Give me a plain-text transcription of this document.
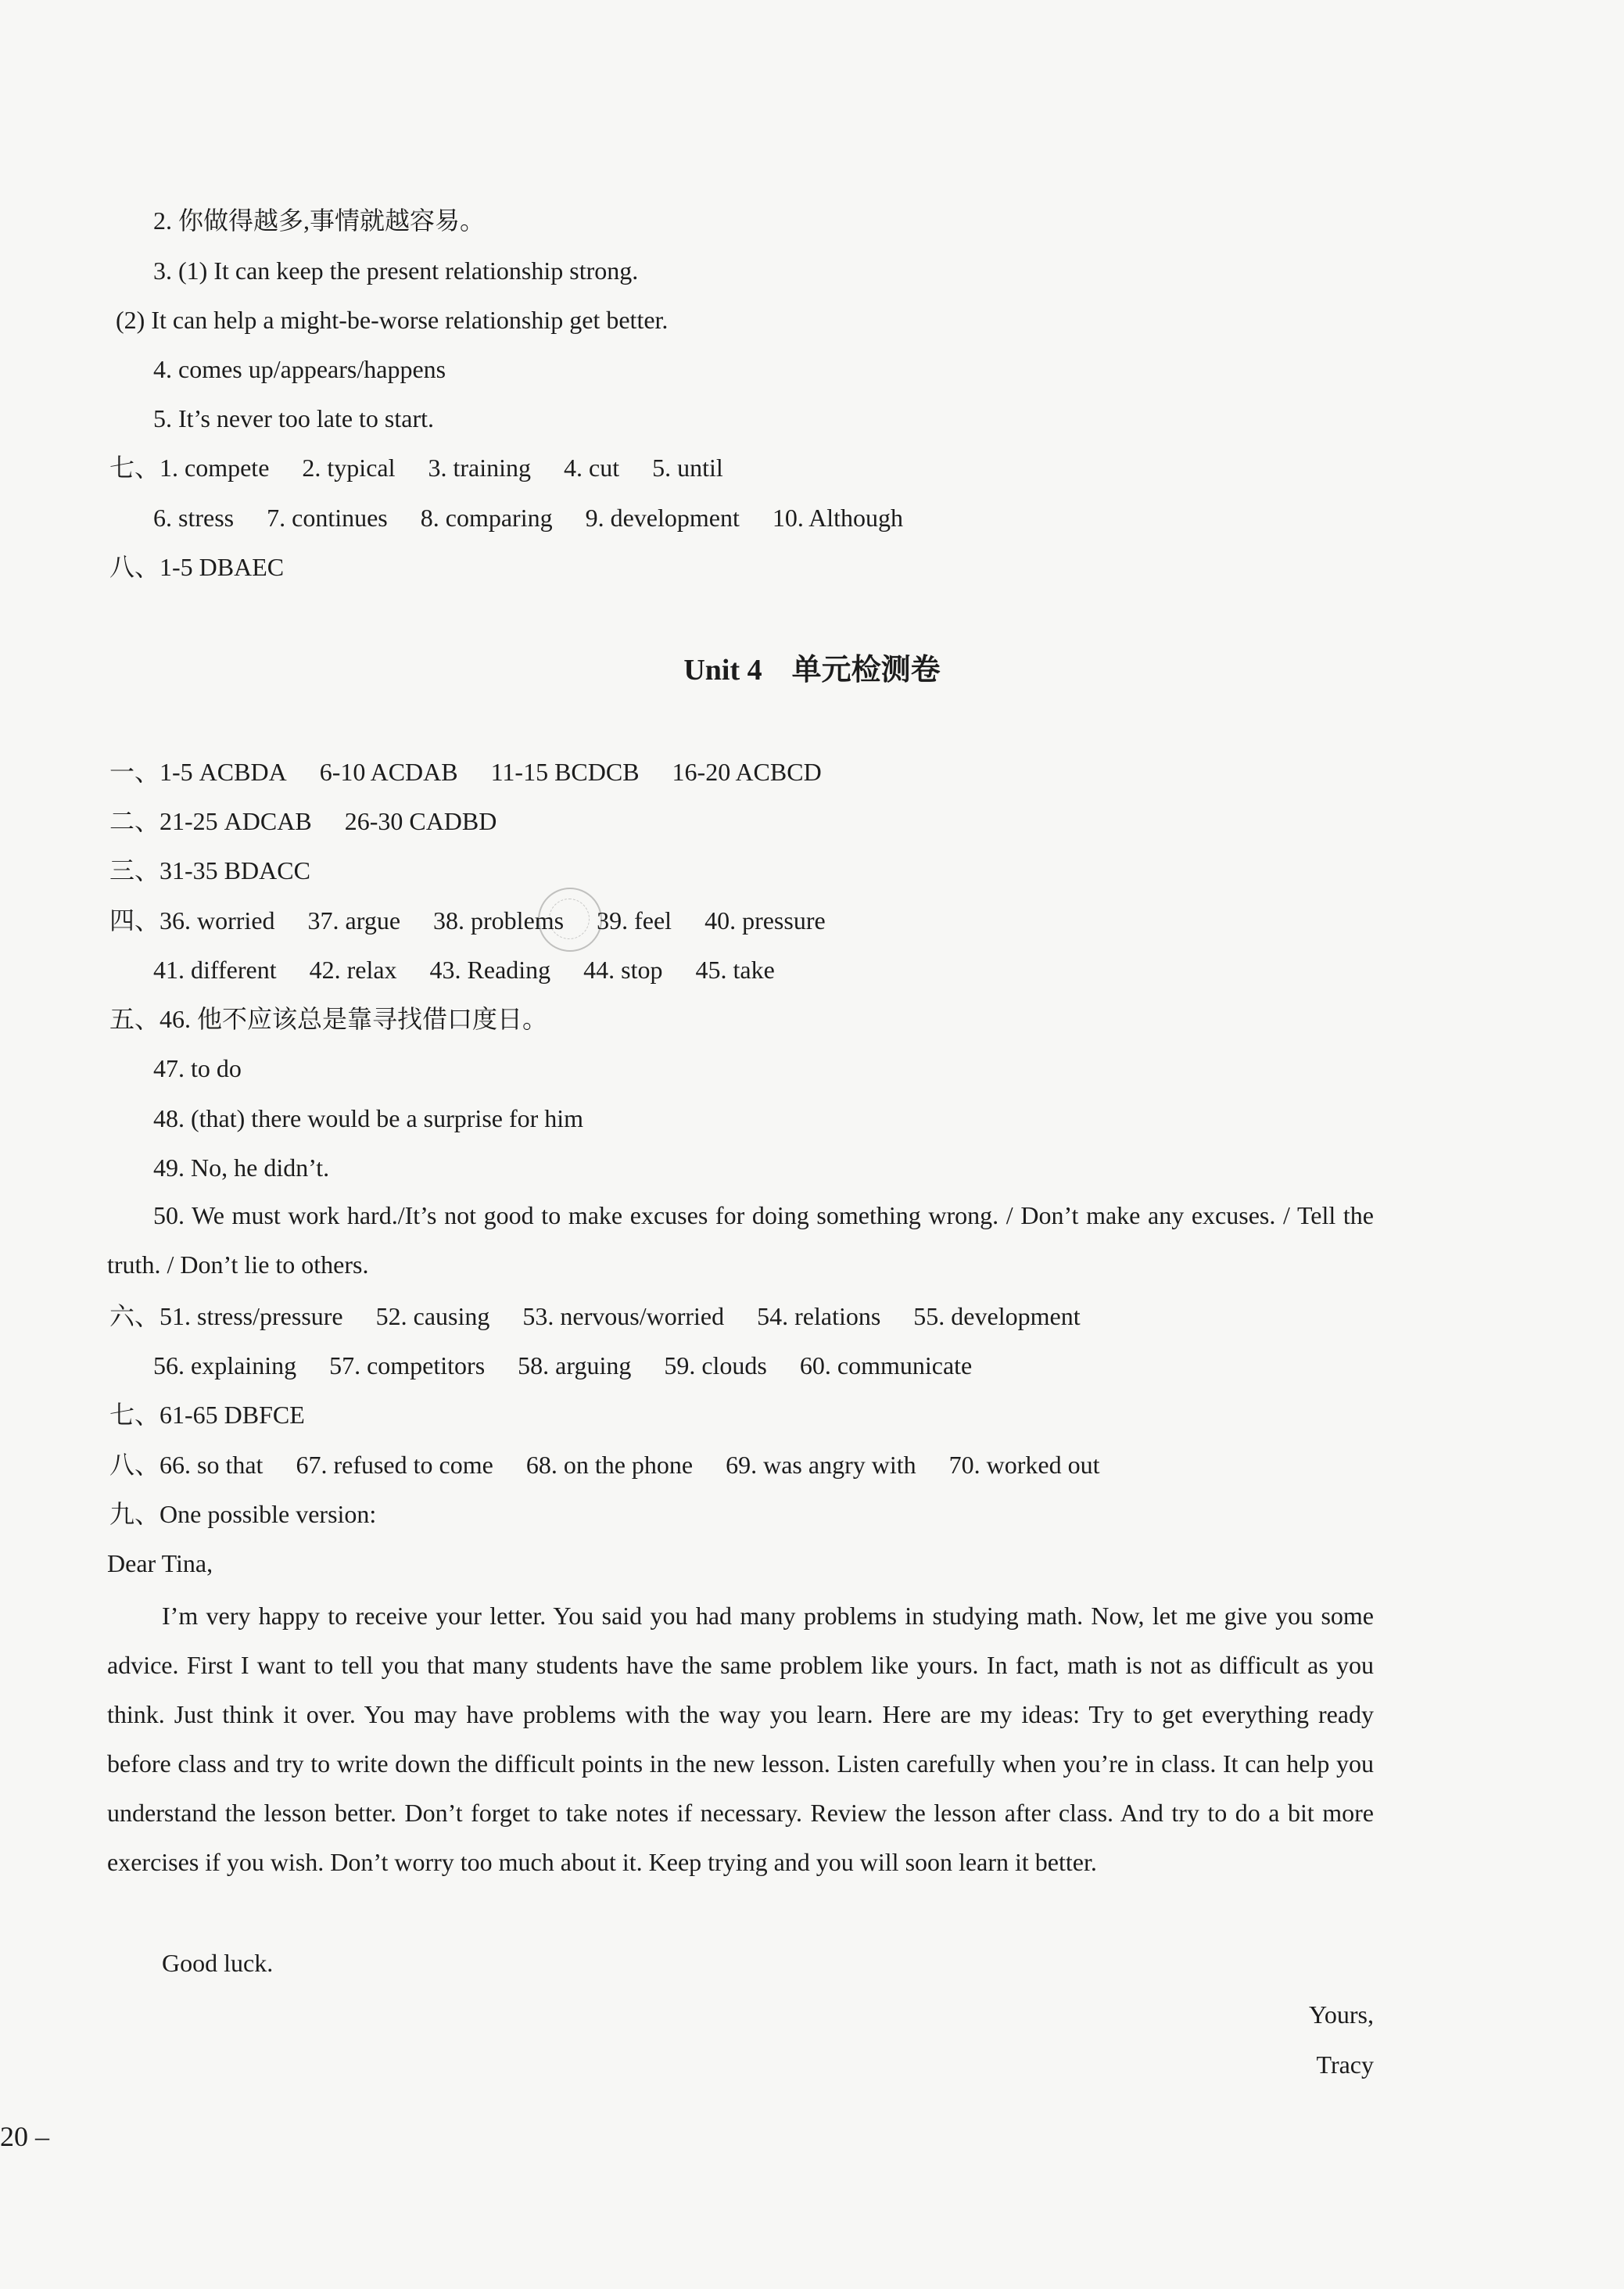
2. 你做得越多,事情就越容易。
3. (1) It can keep the present relationship strong.
(2) It can help a might-be-worse relationship get better.
4. comes up/appears/happens
5. It’s never too late to start.
七、1. compete 2. typical 3. training 4. cut 5. until
6. stress 7. continues 8. comparing 9. development 10. Although
八、1-5 DBAEC
Unit 4　单元检测卷
一、1-5 ACBDA 6-10 ACDAB 11-15 BCDCB 16-20 ACBCD
二、21-25 ADCAB 26-30 CADBD
三、31-35 BDACC
四、36. worried 37. argue 38. problems 39. feel 40. pressure
41. different 42. relax 43. Reading 44. stop 45. take
五、46. 他不应该总是靠寻找借口度日。
47. to do
48. (that) there would be a surprise for him
49. No, he didn’t.
50. We must work hard./It’s not good to make excuses for doing something wrong. / Don’t make any excuses. / Tell the truth. / Don’t lie to others.
六、51. stress/pressure 52. causing 53. nervous/worried 54. relations 55. development
56. explaining 57. competitors 58. arguing 59. clouds 60. communicate
七、61-65 DBFCE
八、66. so that 67. refused to come 68. on the phone 69. was angry with 70. worked out
九、One possible version:
Dear Tina,
I’m very happy to receive your letter. You said you had many problems in studying math. Now, let me give you some advice. First I want to tell you that many students have the same problem like yours. In fact, math is not as difficult as you think. Just think it over. You may have problems with the way you learn. Here are my ideas: Try to get everything ready before class and try to write down the difficult points in the new lesson. Listen carefully when you’re in class. It can help you understand the lesson better. Don’t forget to take notes if necessary. Review the lesson after class. And try to do a bit more exercises if you wish. Don’t worry too much about it. Keep trying and you will soon learn it better.
Good luck.
Yours,
Tracy
20 –
